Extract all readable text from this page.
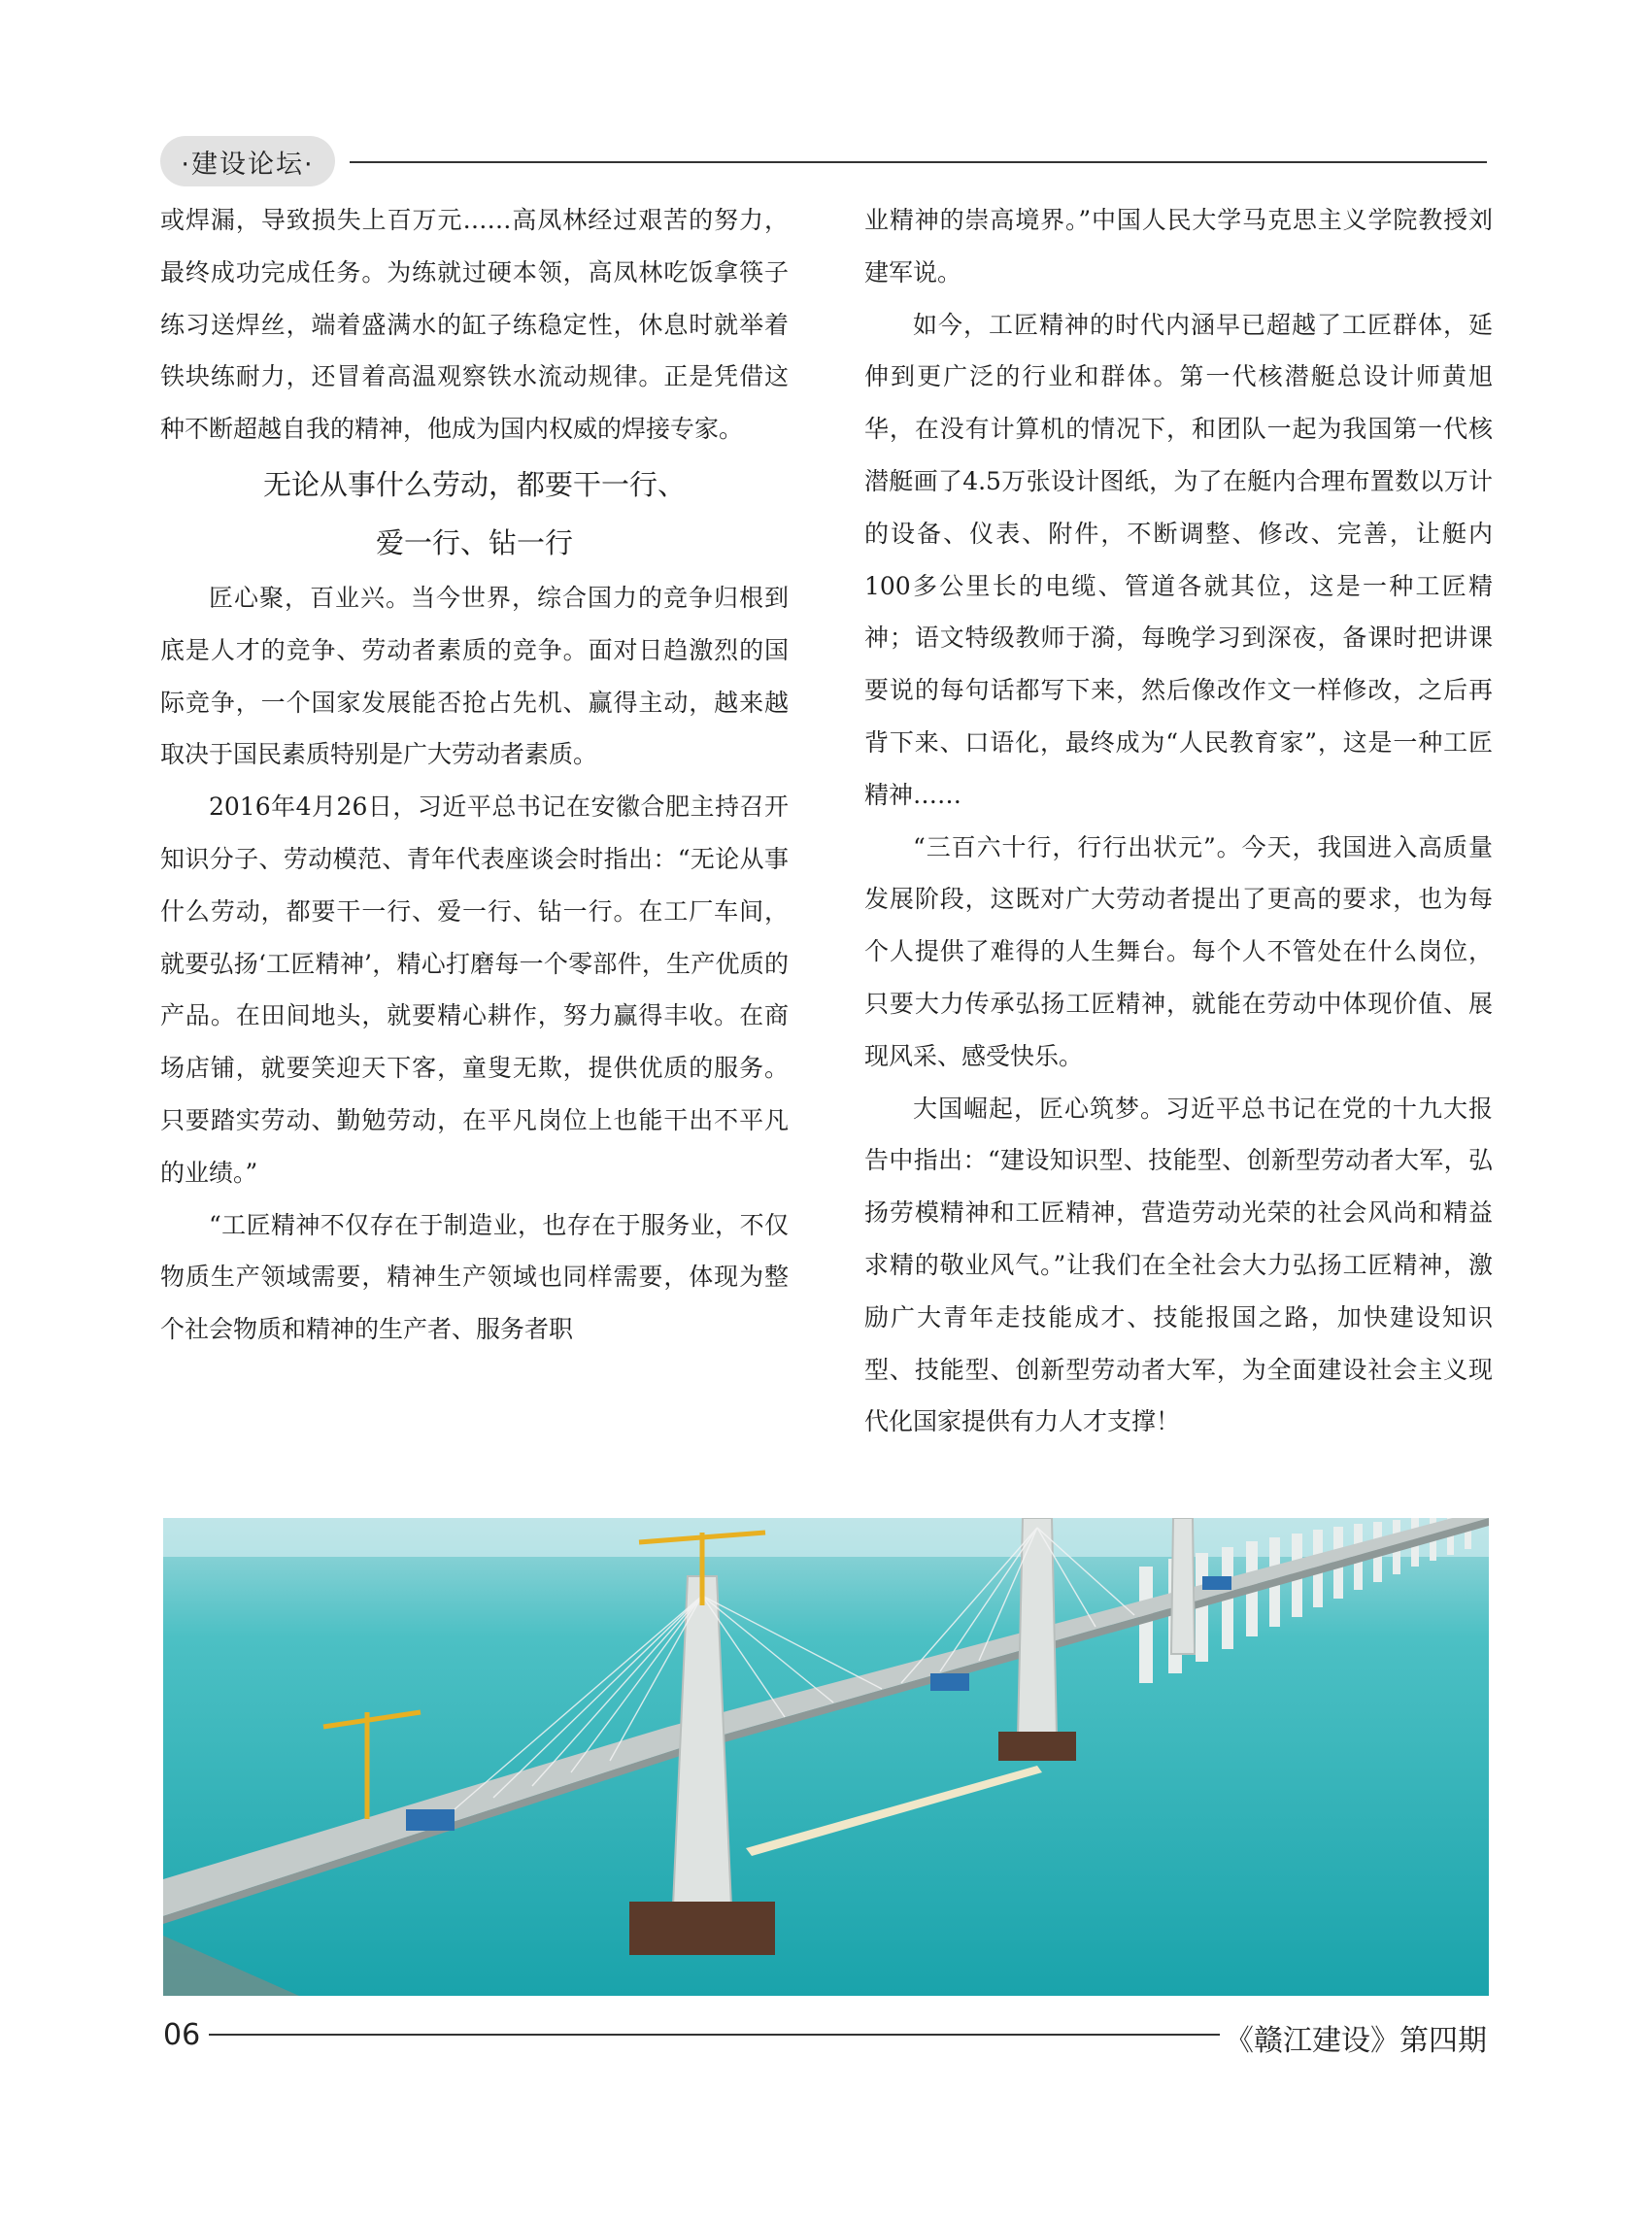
·建设论坛·

或焊漏，导致损失上百万元……高凤林经过艰苦的努力，最终成功完成任务。为练就过硬本领，高凤林吃饭拿筷子练习送焊丝，端着盛满水的缸子练稳定性，休息时就举着铁块练耐力，还冒着高温观察铁水流动规律。正是凭借这种不断超越自我的精神，他成为国内权威的焊接专家。

无论从事什么劳动，都要干一行、
爱一行、钻一行

匠心聚，百业兴。当今世界，综合国力的竞争归根到底是人才的竞争、劳动者素质的竞争。面对日趋激烈的国际竞争，一个国家发展能否抢占先机、赢得主动，越来越取决于国民素质特别是广大劳动者素质。

2016年4月26日，习近平总书记在安徽合肥主持召开知识分子、劳动模范、青年代表座谈会时指出：“无论从事什么劳动，都要干一行、爱一行、钻一行。在工厂车间，就要弘扬‘工匠精神’，精心打磨每一个零部件，生产优质的产品。在田间地头，就要精心耕作，努力赢得丰收。在商场店铺，就要笑迎天下客，童叟无欺，提供优质的服务。只要踏实劳动、勤勉劳动，在平凡岗位上也能干出不平凡的业绩。”

“工匠精神不仅存在于制造业，也存在于服务业，不仅物质生产领域需要，精神生产领域也同样需要，体现为整个社会物质和精神的生产者、服务者职

业精神的崇高境界。”中国人民大学马克思主义学院教授刘建军说。

如今，工匠精神的时代内涵早已超越了工匠群体，延伸到更广泛的行业和群体。第一代核潜艇总设计师黄旭华，在没有计算机的情况下，和团队一起为我国第一代核潜艇画了4.5万张设计图纸，为了在艇内合理布置数以万计的设备、仪表、附件，不断调整、修改、完善，让艇内100多公里长的电缆、管道各就其位，这是一种工匠精神；语文特级教师于漪，每晚学习到深夜，备课时把讲课要说的每句话都写下来，然后像改作文一样修改，之后再背下来、口语化，最终成为“人民教育家”，这是一种工匠精神……

“三百六十行，行行出状元”。今天，我国进入高质量发展阶段，这既对广大劳动者提出了更高的要求，也为每个人提供了难得的人生舞台。每个人不管处在什么岗位，只要大力传承弘扬工匠精神，就能在劳动中体现价值、展现风采、感受快乐。

大国崛起，匠心筑梦。习近平总书记在党的十九大报告中指出：“建设知识型、技能型、创新型劳动者大军，弘扬劳模精神和工匠精神，营造劳动光荣的社会风尚和精益求精的敬业风气。”让我们在全社会大力弘扬工匠精神，激励广大青年走技能成才、技能报国之路，加快建设知识型、技能型、创新型劳动者大军，为全面建设社会主义现代化国家提供有力人才支撑！

06	《赣江建设》第四期
